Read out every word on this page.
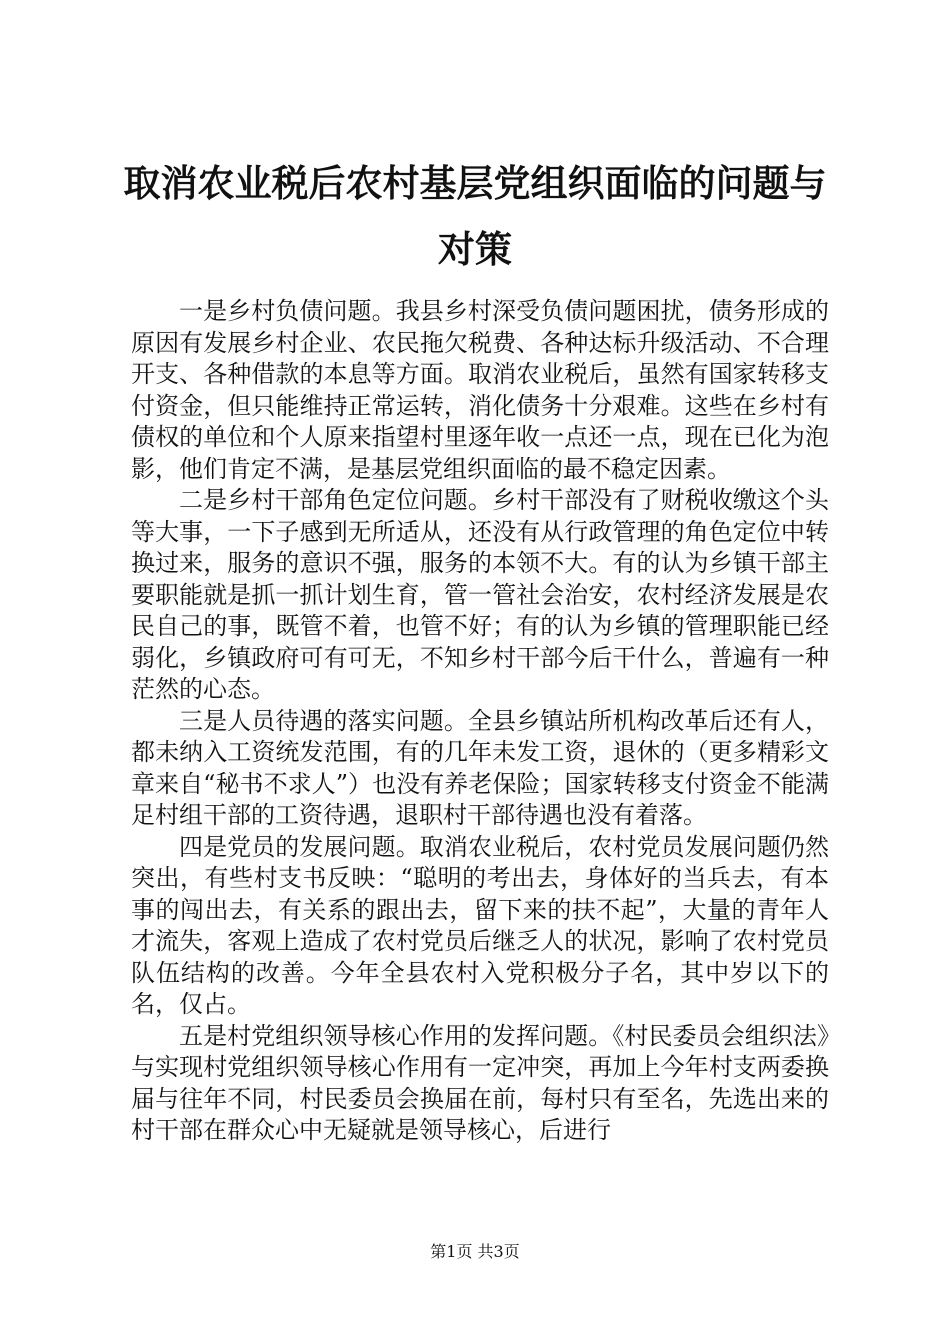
取消农业税后农村基层党组织面临的问题与对策

一是乡村负债问题。我县乡村深受负债问题困扰，债务形成的原因有发展乡村企业、农民拖欠税费、各种达标升级活动、不合理开支、各种借款的本息等方面。取消农业税后，虽然有国家转移支付资金，但只能维持正常运转，消化债务十分艰难。这些在乡村有债权的单位和个人原来指望村里逐年收一点还一点，现在已化为泡影，他们肯定不满，是基层党组织面临的最不稳定因素。

二是乡村干部角色定位问题。乡村干部没有了财税收缴这个头等大事，一下子感到无所适从，还没有从行政管理的角色定位中转换过来，服务的意识不强，服务的本领不大。有的认为乡镇干部主要职能就是抓一抓计划生育，管一管社会治安，农村经济发展是农民自己的事，既管不着，也管不好；有的认为乡镇的管理职能已经弱化，乡镇政府可有可无，不知乡村干部今后干什么，普遍有一种茫然的心态。

三是人员待遇的落实问题。全县乡镇站所机构改革后还有人，都未纳入工资统发范围，有的几年未发工资，退休的（更多精彩文章来自“秘书不求人”）也没有养老保险；国家转移支付资金不能满足村组干部的工资待遇，退职村干部待遇也没有着落。

四是党员的发展问题。取消农业税后，农村党员发展问题仍然突出，有些村支书反映：“聪明的考出去，身体好的当兵去，有本事的闯出去，有关系的跟出去，留下来的扶不起”，大量的青年人才流失，客观上造成了农村党员后继乏人的状况，影响了农村党员队伍结构的改善。今年全县农村入党积极分子名，其中岁以下的名，仅占。

五是村党组织领导核心作用的发挥问题。《村民委员会组织法》与实现村党组织领导核心作用有一定冲突，再加上今年村支两委换届与往年不同，村民委员会换届在前，每村只有至名，先选出来的村干部在群众心中无疑就是领导核心，后进行

第1页 共3页
